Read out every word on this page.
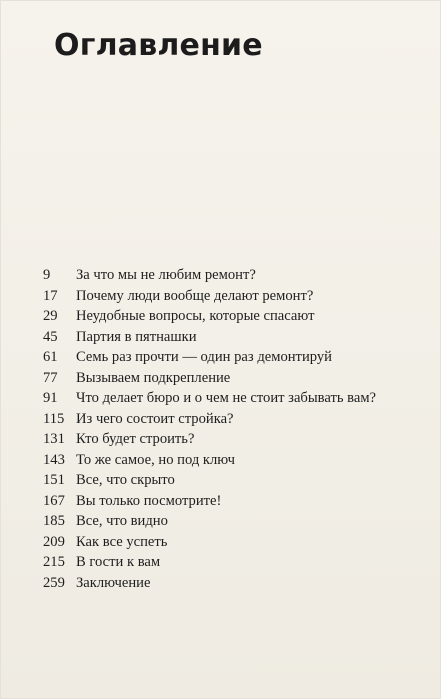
Оглавление
9 За что мы не любим ремонт?
17 Почему люди вообще делают ремонт?
29 Неудобные вопросы, которые спасают
45 Партия в пятнашки
61 Семь раз прочти — один раз демонтируй
77 Вызываем подкрепление
91 Что делает бюро и о чем не стоит забывать вам?
115 Из чего состоит стройка?
131 Кто будет строить?
143 То же самое, но под ключ
151 Все, что скрыто
167 Вы только посмотрите!
185 Все, что видно
209 Как все успеть
215 В гости к вам
259 Заключение
